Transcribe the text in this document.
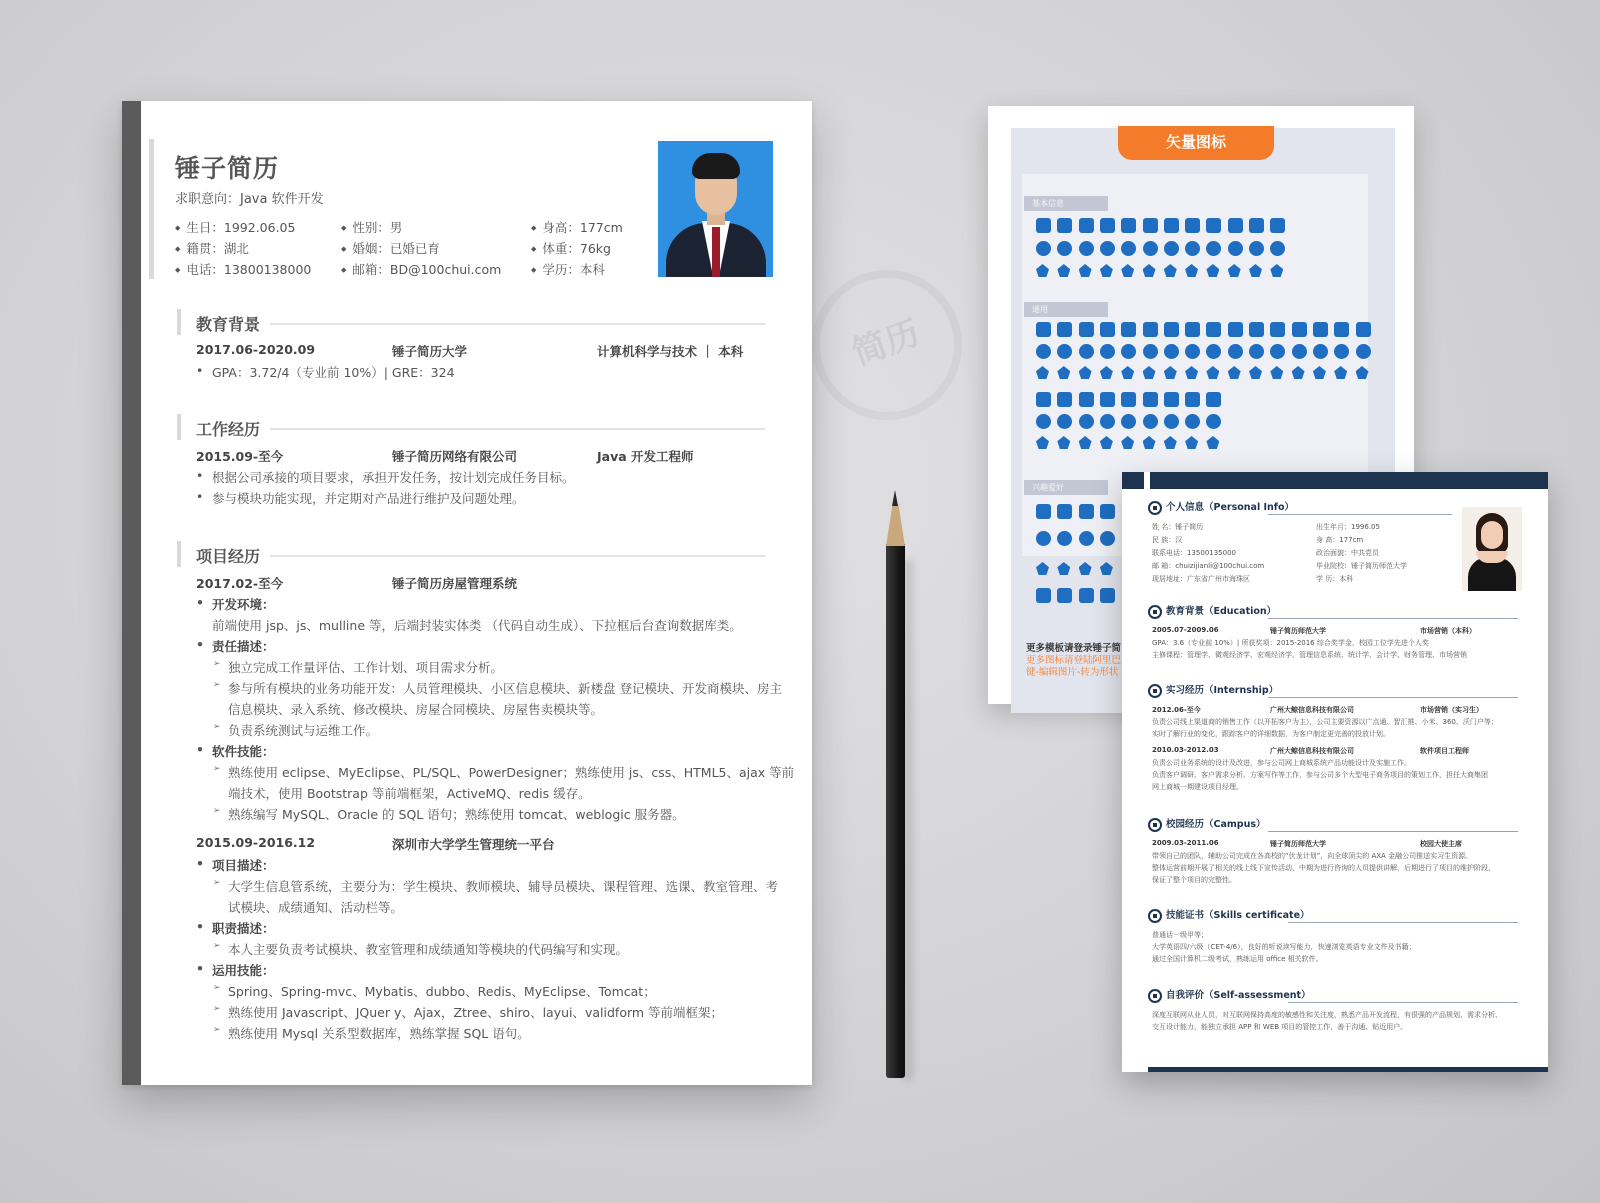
简历
锤子简历
求职意向：Java 软件开发
◆ 生日：1992.06.05	◆ 性别：男	◆ 身高：177cm
◆ 籍贯：湖北	◆ 婚姻：已婚已育	◆ 体重：76kg
◆ 电话：13800138000	◆ 邮箱：BD@100chui.com	◆ 学历：本科
教育背景
2017.06-2020.09	锤子简历大学	计算机科学与技术 ｜ 本科
• GPA：3.72/4（专业前 10%）| GRE：324
工作经历
2015.09-至今	锤子简历网络有限公司	Java 开发工程师
• 根据公司承接的项目要求，承担开发任务，按计划完成任务目标。
• 参与模块功能实现，并定期对产品进行维护及问题处理。
项目经历
2017.02-至今	锤子简历房屋管理系统
• 开发环境：
前端使用 jsp、js、mulline 等，后端封装实体类 （代码自动生成）、下拉框后台查询数据库类。
• 责任描述：
➢ 独立完成工作量评估、工作计划、项目需求分析。
➢ 参与所有模块的业务功能开发：人员管理模块、小区信息模块、新楼盘 登记模块、开发商模块、房主
信息模块、录入系统、修改模块、房屋合同模块、房屋售卖模块等。
➢ 负责系统测试与运维工作。
• 软件技能：
➢ 熟练使用 eclipse、MyEclipse、PL/SQL、PowerDesigner；熟练使用 js、css、HTML5、ajax 等前
端技术，使用 Bootstrap 等前端框架，ActiveMQ、redis 缓存。
➢ 熟练编写 MySQL、Oracle 的 SQL 语句；熟练使用 tomcat、weblogic 服务器。
2015.09-2016.12	深圳市大学学生管理统一平台
• 项目描述：
➢ 大学生信息管系统，主要分为：学生模块、教师模块、辅导员模块、课程管理、选课、教室管理、考
试模块、成绩通知、活动栏等。
• 职责描述：
➢ 本人主要负责考试模块、教室管理和成绩通知等模块的代码编写和实现。
• 运用技能：
➢ Spring、Spring-mvc、Mybatis、dubbo、Redis、MyEclipse、Tomcat；
➢ 熟练使用 Javascript、JQuer y、Ajax，Ztree、shiro、layui、validform 等前端框架；
➢ 熟练使用 Mysql 关系型数据库，熟练掌握 SQL 语句。
矢量图标
基本信息
通用
兴趣爱好
更多模板请登录锤子简
更多图标请登陆阿里巴
键-编辑图片-转为形状
个人信息（Personal Info）
姓 名：锤子简历	出生年月：1996.05
民 族：汉	身 高：177cm
联系电话：13500135000	政治面貌：中共党员
邮 箱：chuizijianli@100chui.com	毕业院校：锤子简历师范大学
现居地址：广东省广州市海珠区	学 历：本科
教育背景（Education）
2005.07-2009.06	锤子简历师范大学	市场营销（本科）
GPA：3.6（专业前 10%）| 所获奖项：2015-2016 综合奖学金、校园工位学先进个人奖
主修课程：管理学、微观经济学、宏观经济学、管理信息系统、统计学、会计学、财务管理、市场营销
实习经历（Internship）
2012.06-至今	广州大鲸信息科技有限公司	市场营销（实习生）
负责公司线上渠道商的销售工作（以开拓客户为主），公司主要资源以广点通、智汇推、小米、360、沃门户等；
实时了解行业的变化，跟踪客户的详细数据，为客户制定更完善的投放计划。
2010.03-2012.03	广州大鲸信息科技有限公司	软件项目工程师
负责公司业务系统的设计及改进，参与公司网上商城系统产品功能设计及实施工作。
负责客户调研、客户需求分析、方案写作等工作，参与公司多个大型电子商务项目的策划工作，担任大商集团
网上商城一期建设项目经理。
校园经历（Campus）
2009.03-2011.06	锤子简历师范大学	校园大使主席
带领自己的团队，辅助公司完成在各高校的“伏龙计划”，向全球顶尖的 AXA 金融公司推送实习生资源。
整体运营前期开展了相关的线上线下宣传活动，中期为进行咨询的人员提供讲解，后期进行了项目的维护阶段，
保证了整个项目的完整性。
技能证书（Skills certificate）
普通话一级甲等；
大学英语四/六级（CET-4/6），良好的听说读写能力，快速浏览英语专业文件及书籍；
通过全国计算机二级考试，熟练运用 office 相关软件。
自我评价（Self-assessment）
深度互联网从业人员，对互联网保持高度的敏感性和关注度，熟悉产品开发流程，有很强的产品规划、需求分析、
交互设计能力，能独立承担 APP 和 WEB 项目的管控工作，善于沟通、贴近用户。
